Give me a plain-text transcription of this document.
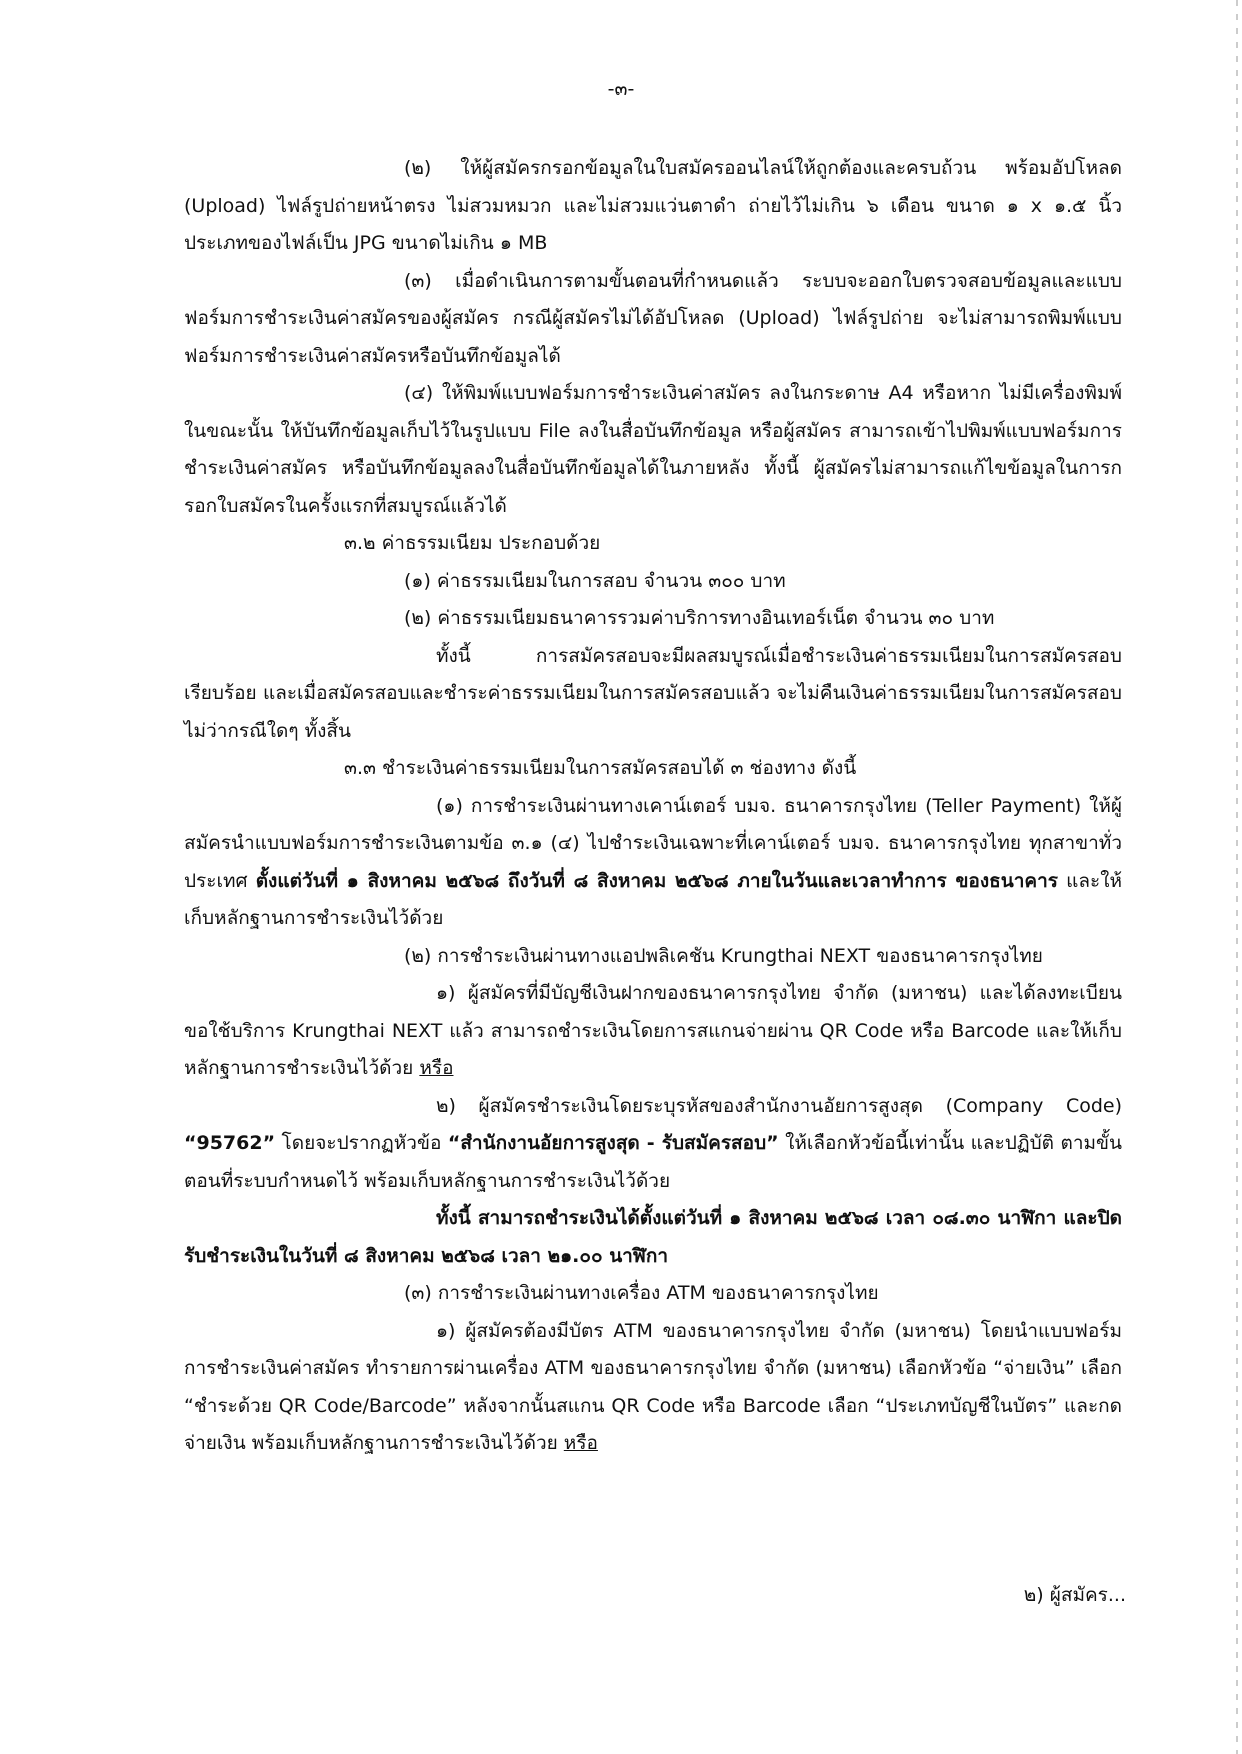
-๓-

(๒) ให้ผู้สมัครกรอกข้อมูลในใบสมัครออนไลน์ให้ถูกต้องและครบถ้วน พร้อมอัปโหลด (Upload) ไฟล์รูปถ่ายหน้าตรง ไม่สวมหมวก และไม่สวมแว่นตาดำ ถ่ายไว้ไม่เกิน ๖ เดือน ขนาด ๑ x ๑.๕ นิ้ว ประเภทของไฟล์เป็น JPG ขนาดไม่เกิน ๑ MB

(๓) เมื่อดำเนินการตามขั้นตอนที่กำหนดแล้ว ระบบจะออกใบตรวจสอบข้อมูลและแบบฟอร์มการชำระเงินค่าสมัครของผู้สมัคร กรณีผู้สมัครไม่ได้อัปโหลด (Upload) ไฟล์รูปถ่าย จะไม่สามารถพิมพ์แบบฟอร์มการชำระเงินค่าสมัครหรือบันทึกข้อมูลได้

(๔) ให้พิมพ์แบบฟอร์มการชำระเงินค่าสมัคร ลงในกระดาษ A4 หรือหาก ไม่มีเครื่องพิมพ์ในขณะนั้น ให้บันทึกข้อมูลเก็บไว้ในรูปแบบ File ลงในสื่อบันทึกข้อมูล หรือผู้สมัคร สามารถเข้าไปพิมพ์แบบฟอร์มการชำระเงินค่าสมัคร หรือบันทึกข้อมูลลงในสื่อบันทึกข้อมูลได้ในภายหลัง ทั้งนี้ ผู้สมัครไม่สามารถแก้ไขข้อมูลในการกรอกใบสมัครในครั้งแรกที่สมบูรณ์แล้วได้

๓.๒ ค่าธรรมเนียม ประกอบด้วย

(๑) ค่าธรรมเนียมในการสอบ จำนวน ๓๐๐ บาท

(๒) ค่าธรรมเนียมธนาคารรวมค่าบริการทางอินเทอร์เน็ต จำนวน ๓๐ บาท

ทั้งนี้ การสมัครสอบจะมีผลสมบูรณ์เมื่อชำระเงินค่าธรรมเนียมในการสมัครสอบ เรียบร้อย และเมื่อสมัครสอบและชำระค่าธรรมเนียมในการสมัครสอบแล้ว จะไม่คืนเงินค่าธรรมเนียมในการสมัครสอบ ไม่ว่ากรณีใดๆ ทั้งสิ้น

๓.๓ ชำระเงินค่าธรรมเนียมในการสมัครสอบได้ ๓ ช่องทาง ดังนี้

(๑) การชำระเงินผ่านทางเคาน์เตอร์ บมจ. ธนาคารกรุงไทย (Teller Payment) ให้ผู้สมัครนำแบบฟอร์มการชำระเงินตามข้อ ๓.๑ (๔) ไปชำระเงินเฉพาะที่เคาน์เตอร์ บมจ. ธนาคารกรุงไทย ทุกสาขาทั่วประเทศ ตั้งแต่วันที่ ๑ สิงหาคม ๒๕๖๘ ถึงวันที่ ๘ สิงหาคม ๒๕๖๘ ภายในวันและเวลาทำการ ของธนาคาร และให้เก็บหลักฐานการชำระเงินไว้ด้วย

(๒) การชำระเงินผ่านทางแอปพลิเคชัน Krungthai NEXT ของธนาคารกรุงไทย

๑) ผู้สมัครที่มีบัญชีเงินฝากของธนาคารกรุงไทย จำกัด (มหาชน) และได้ลงทะเบียน ขอใช้บริการ Krungthai NEXT แล้ว สามารถชำระเงินโดยการสแกนจ่ายผ่าน QR Code หรือ Barcode และให้เก็บหลักฐานการชำระเงินไว้ด้วย หรือ

๒) ผู้สมัครชำระเงินโดยระบุรหัสของสำนักงานอัยการสูงสุด (Company Code) “95762” โดยจะปรากฏหัวข้อ “สำนักงานอัยการสูงสุด - รับสมัครสอบ” ให้เลือกหัวข้อนี้เท่านั้น และปฏิบัติ ตามขั้นตอนที่ระบบกำหนดไว้ พร้อมเก็บหลักฐานการชำระเงินไว้ด้วย

ทั้งนี้ สามารถชำระเงินได้ตั้งแต่วันที่ ๑ สิงหาคม ๒๕๖๘ เวลา ๐๘.๓๐ นาฬิกา และปิดรับชำระเงินในวันที่ ๘ สิงหาคม ๒๕๖๘ เวลา ๒๑.๐๐ นาฬิกา

(๓) การชำระเงินผ่านทางเครื่อง ATM ของธนาคารกรุงไทย

๑) ผู้สมัครต้องมีบัตร ATM ของธนาคารกรุงไทย จำกัด (มหาชน) โดยนำแบบฟอร์ม การชำระเงินค่าสมัคร ทำรายการผ่านเครื่อง ATM ของธนาคารกรุงไทย จำกัด (มหาชน) เลือกหัวข้อ “จ่ายเงิน” เลือก “ชำระด้วย QR Code/Barcode” หลังจากนั้นสแกน QR Code หรือ Barcode เลือก “ประเภทบัญชีในบัตร” และกดจ่ายเงิน พร้อมเก็บหลักฐานการชำระเงินไว้ด้วย หรือ

๒) ผู้สมัคร...
